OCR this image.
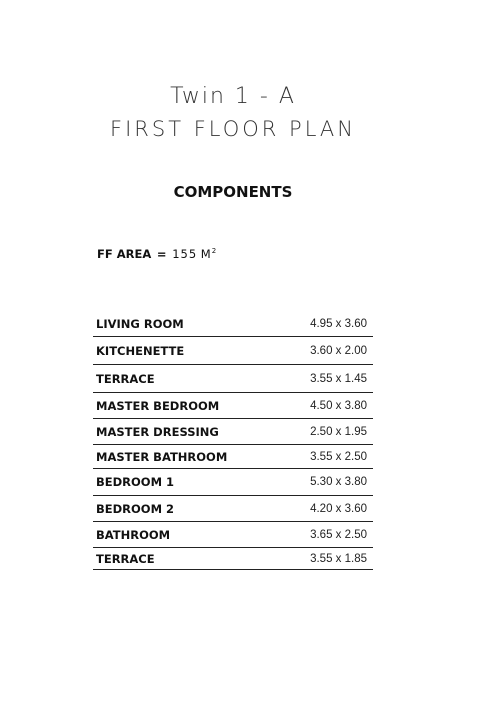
Twin 1 - A
FIRST FLOOR PLAN
COMPONENTS
FF AREA = 155 $M^2$
LIVING ROOM	4.95 x 3.60
KITCHENETTE	3.60 x 2.00
TERRACE	3.55 x 1.45
MASTER BEDROOM	4.50 x 3.80
MASTER DRESSING	2.50 x 1.95
MASTER BATHROOM	3.55 x 2.50
BEDROOM 1	5.30 x 3.80
BEDROOM 2	4.20 x 3.60
BATHROOM	3.65 x 2.50
TERRACE	3.55 x 1.85
